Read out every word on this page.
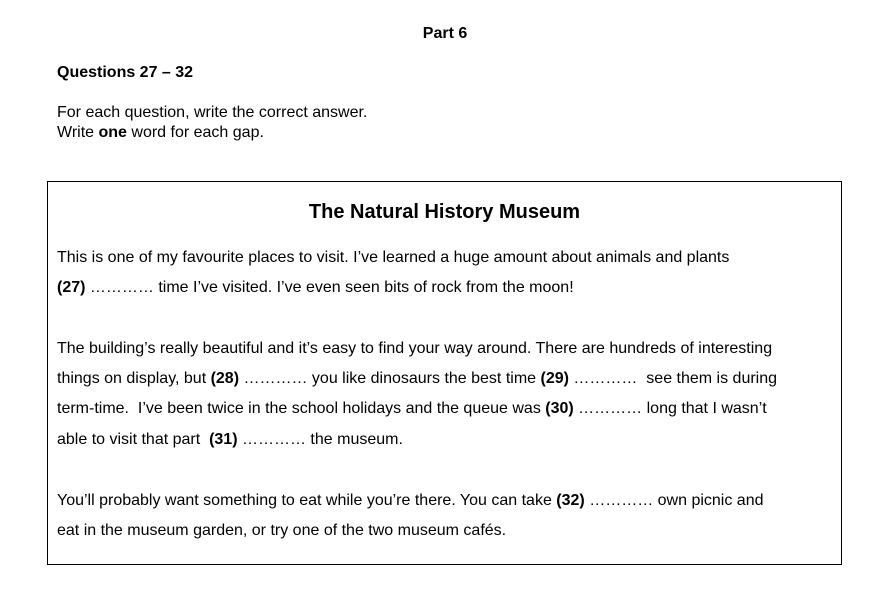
Part 6
Questions 27 – 32
For each question, write the correct answer.
Write one word for each gap.
The Natural History Museum
This is one of my favourite places to visit. I’ve learned a huge amount about animals and plants
(27) ………… time I’ve visited. I’ve even seen bits of rock from the moon!
The building’s really beautiful and it’s easy to find your way around. There are hundreds of interesting
things on display, but (28) ………… you like dinosaurs the best time (29) …………  see them is during
term-time.  I’ve been twice in the school holidays and the queue was (30) ………… long that I wasn’t
able to visit that part  (31) ………… the museum.
You’ll probably want something to eat while you’re there. You can take (32) ………… own picnic and
eat in the museum garden, or try one of the two museum cafés.
